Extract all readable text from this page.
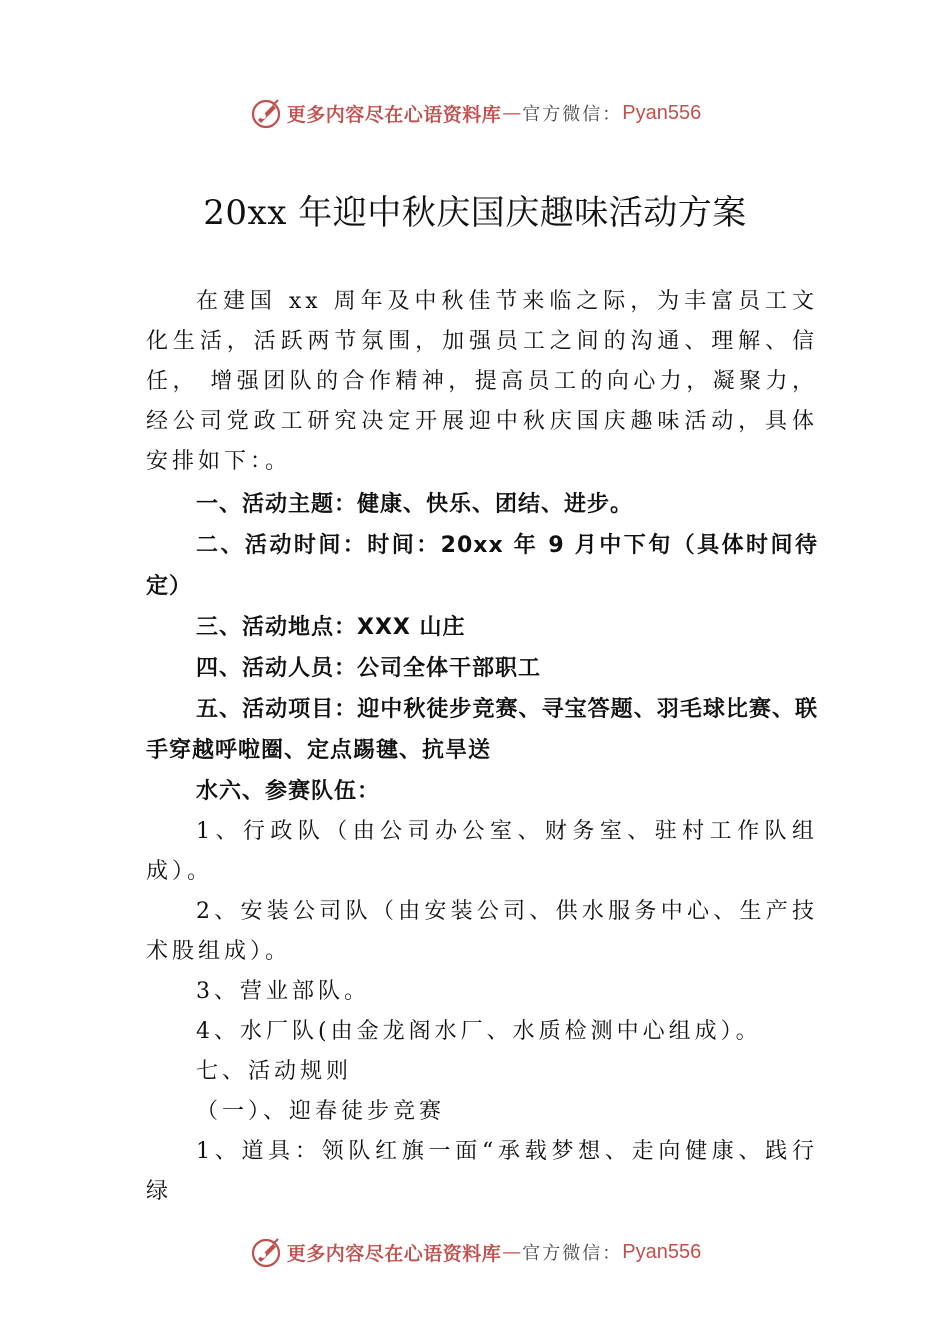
更多内容尽在心语资料库 — 官方微信： Pyan556
20xx 年迎中秋庆国庆趣味活动方案

在建国 xx 周年及中秋佳节来临之际，为丰富员工文化生活，活跃两节氛围，加强员工之间的沟通、理解、信任， 增强团队的合作精神，提高员工的向心力，凝聚力，经公司党政工研究决定开展迎中秋庆国庆趣味活动，具体安排如下：。

一、活动主题：健康、快乐、团结、进步。

二、活动时间：时间：20xx 年 9 月中下旬（具体时间待定）

三、活动地点：XXX 山庄

四、活动人员：公司全体干部职工

五、活动项目：迎中秋徒步竞赛、寻宝答题、羽毛球比赛、联手穿越呼啦圈、定点踢毽、抗旱送

水六、参赛队伍：

1、行政队（由公司办公室、财务室、驻村工作队组成）。

2、安装公司队（由安装公司、供水服务中心、生产技术股组成）。

3、营业部队。

4、水厂队(由金龙阁水厂、水质检测中心组成）。

七、活动规则

（一）、迎春徒步竞赛

1、道具：领队红旗一面“承载梦想、走向健康、践行绿

更多内容尽在心语资料库 — 官方微信： Pyan556
